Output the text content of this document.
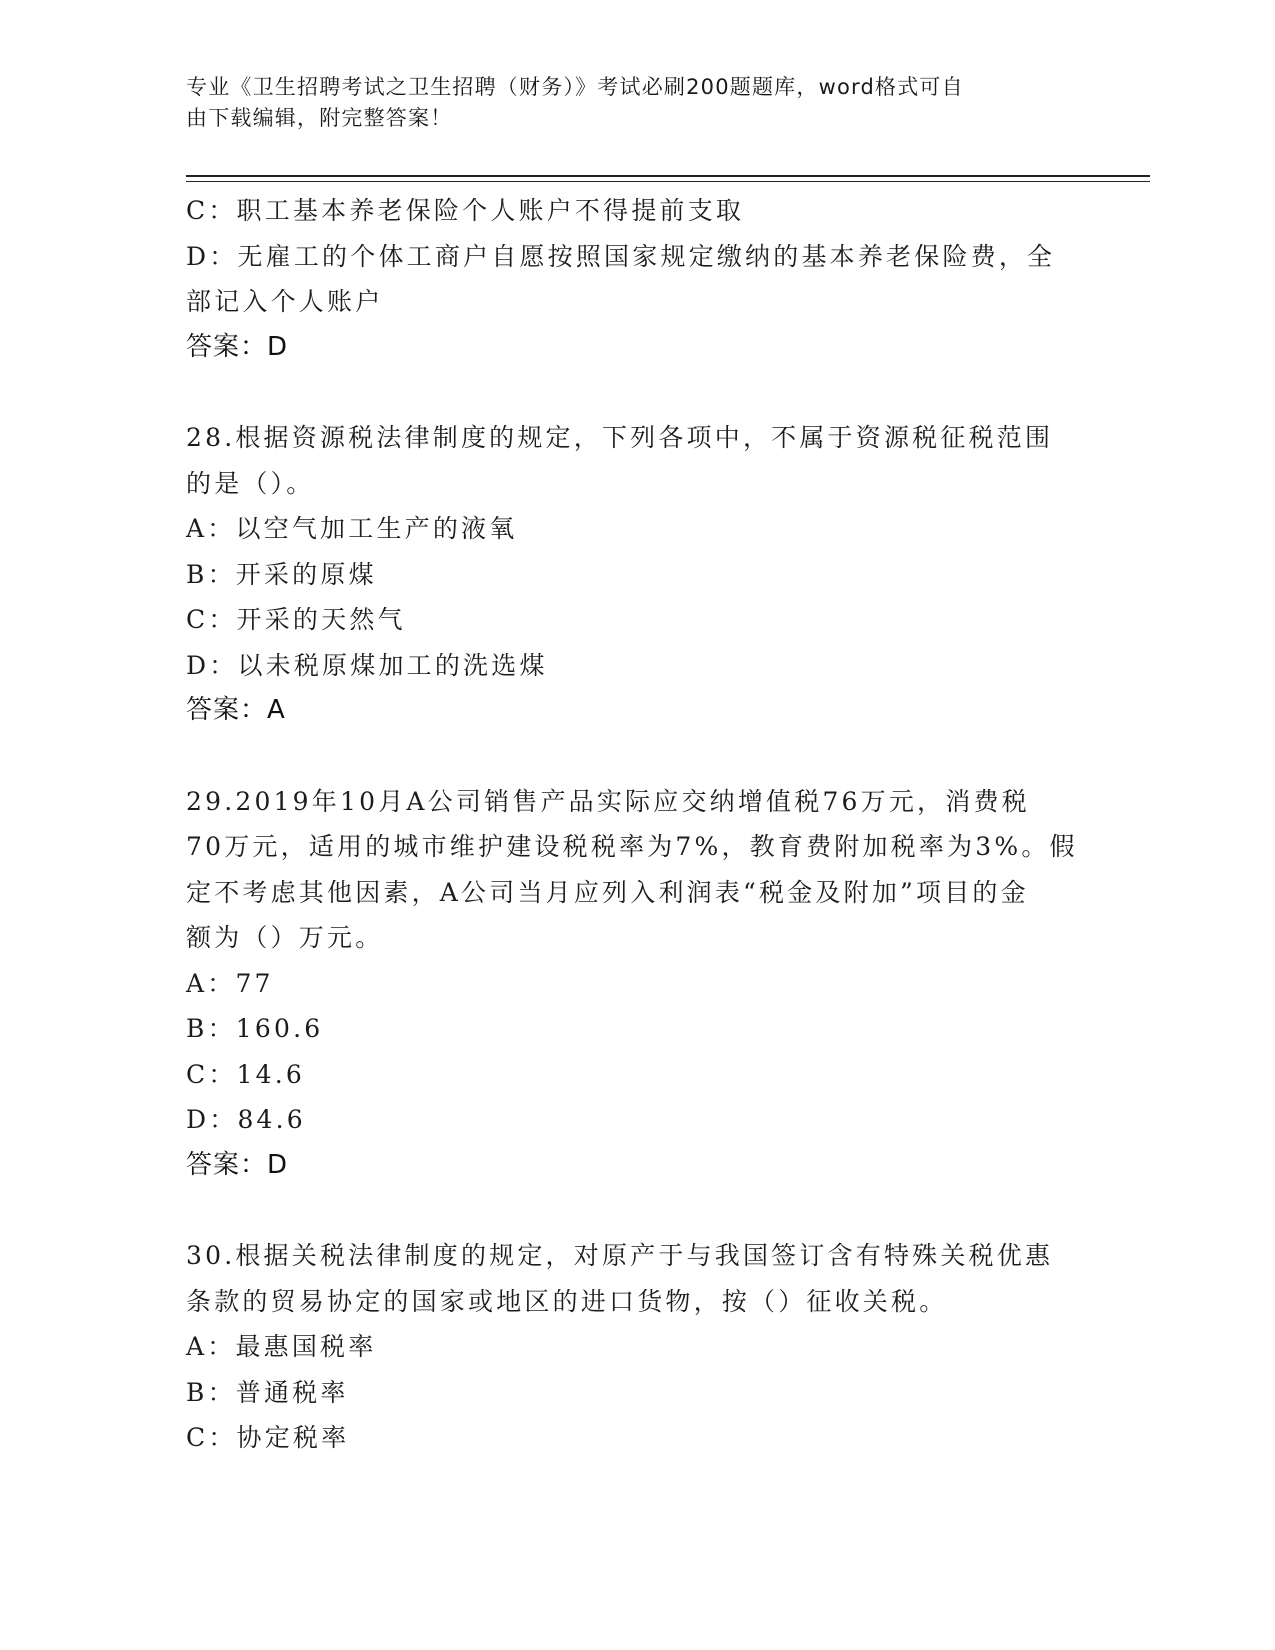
专业《卫生招聘考试之卫生招聘（财务）》考试必刷200题题库，word格式可自
由下载编辑，附完整答案！
C：职工基本养老保险个人账户不得提前支取
D：无雇工的个体工商户自愿按照国家规定缴纳的基本养老保险费，全
部记入个人账户
答案：D
28.根据资源税法律制度的规定，下列各项中，不属于资源税征税范围
的是（）。
A：以空气加工生产的液氧
B：开采的原煤
C：开采的天然气
D：以未税原煤加工的洗选煤
答案：A
29.2019年10月A公司销售产品实际应交纳增值税76万元，消费税
70万元，适用的城市维护建设税税率为7%，教育费附加税率为3%。假
定不考虑其他因素，A公司当月应列入利润表“税金及附加”项目的金
额为（）万元。
A：77
B：160.6
C：14.6
D：84.6
答案：D
30.根据关税法律制度的规定，对原产于与我国签订含有特殊关税优惠
条款的贸易协定的国家或地区的进口货物，按（）征收关税。
A：最惠国税率
B：普通税率
C：协定税率
